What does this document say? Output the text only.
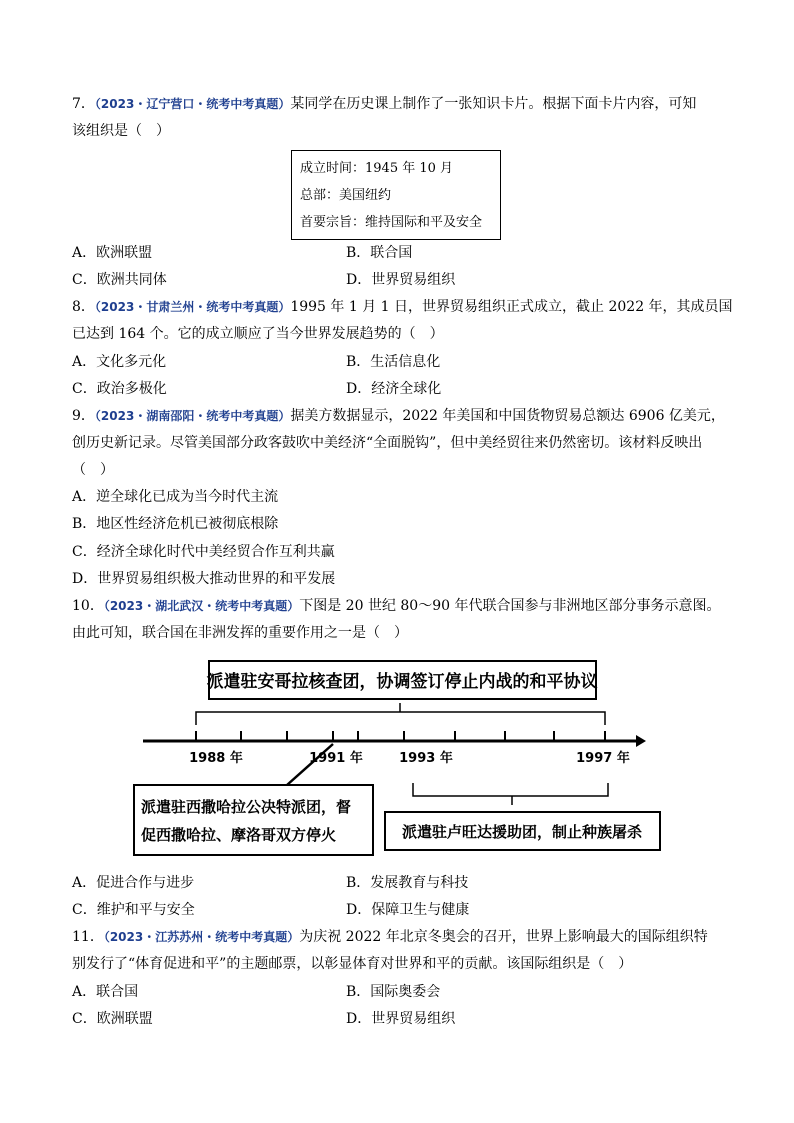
7．（2023・辽宁营口・统考中考真题）某同学在历史课上制作了一张知识卡片。根据下面卡片内容，可知
该组织是（　）
成立时间：1945 年 10 月
总部：美国纽约
首要宗旨：维持国际和平及安全
A．欧洲联盟	B．联合国
C．欧洲共同体	D．世界贸易组织
8．（2023・甘肃兰州・统考中考真题）1995 年 1 月 1 日，世界贸易组织正式成立，截止 2022 年，其成员国
已达到 164 个。它的成立顺应了当今世界发展趋势的（　）
A．文化多元化	B．生活信息化
C．政治多极化	D．经济全球化
9．（2023・湖南邵阳・统考中考真题）据美方数据显示，2022 年美国和中国货物贸易总额达 6906 亿美元，
创历史新记录。尽管美国部分政客鼓吹中美经济“全面脱钩”，但中美经贸往来仍然密切。该材料反映出
（　）
A．逆全球化已成为当今时代主流
B．地区性经济危机已被彻底根除
C．经济全球化时代中美经贸合作互利共赢
D．世界贸易组织极大推动世界的和平发展
10．（2023・湖北武汉・统考中考真题）下图是 20 世纪 80～90 年代联合国参与非洲地区部分事务示意图。
由此可知，联合国在非洲发挥的重要作用之一是（　）
派遣驻安哥拉核查团，协调签订停止内战的和平协议
1988 年	1991 年	1993 年	1997 年
派遣驻西撒哈拉公决特派团，督
促西撒哈拉、摩洛哥双方停火	派遣驻卢旺达援助团，制止种族屠杀
A．促进合作与进步	B．发展教育与科技
C．维护和平与安全	D．保障卫生与健康
11．（2023・江苏苏州・统考中考真题）为庆祝 2022 年北京冬奥会的召开，世界上影响最大的国际组织特
别发行了“体育促进和平”的主题邮票，以彰显体育对世界和平的贡献。该国际组织是（　）
A．联合国	B．国际奥委会
C．欧洲联盟	D．世界贸易组织
